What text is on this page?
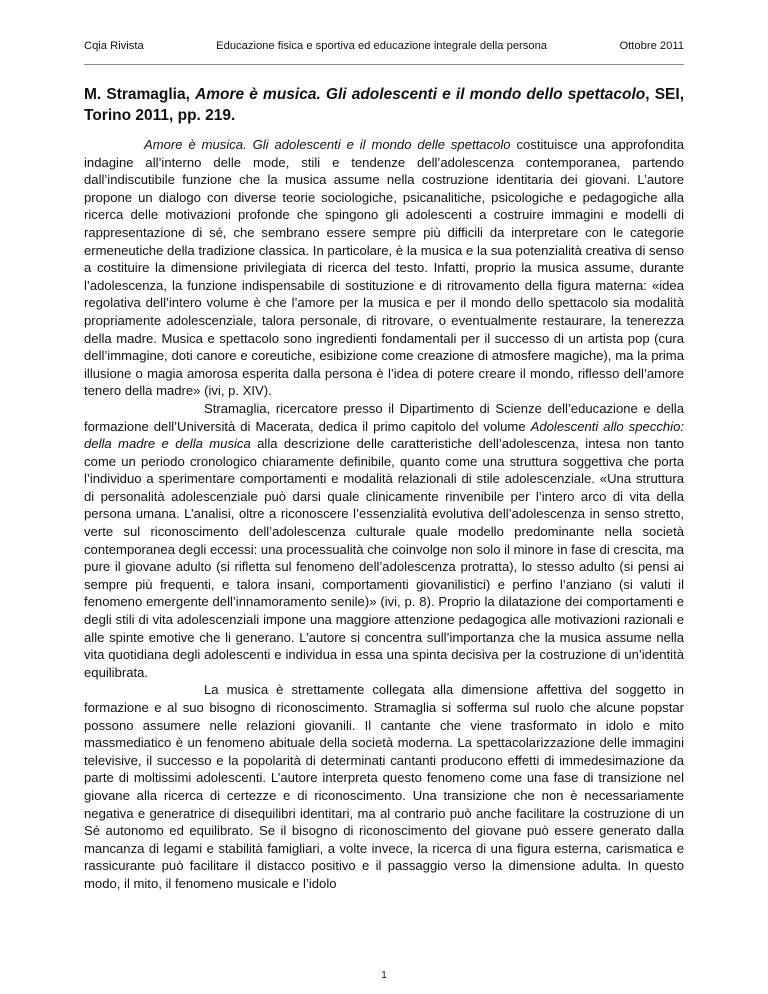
Cqia Rivista	Educazione fisica e sportiva ed educazione integrale della persona	Ottobre 2011
M. Stramaglia, Amore è musica. Gli adolescenti e il mondo dello spettacolo, SEI, Torino 2011, pp. 219.

Amore è musica. Gli adolescenti e il mondo delle spettacolo costituisce una approfondita indagine all’interno delle mode, stili e tendenze dell’adolescenza contemporanea, partendo dall’indiscutibile funzione che la musica assume nella costruzione identitaria dei giovani. L’autore propone un dialogo con diverse teorie sociologiche, psicanalitiche, psicologiche e pedagogiche alla ricerca delle motivazioni profonde che spingono gli adolescenti a costruire immagini e modelli di rappresentazione di sé, che sembrano essere sempre più difficili da interpretare con le categorie ermeneutiche della tradizione classica. In particolare, è la musica e la sua potenzialità creativa di senso a costituire la dimensione privilegiata di ricerca del testo. Infatti, proprio la musica assume, durante l’adolescenza, la funzione indispensabile di sostituzione e di ritrovamento della figura materna: «idea regolativa dell’intero volume è che l’amore per la musica e per il mondo dello spettacolo sia modalità propriamente adolescenziale, talora personale, di ritrovare, o eventualmente restaurare, la tenerezza della madre. Musica e spettacolo sono ingredienti fondamentali per il successo di un artista pop (cura dell’immagine, doti canore e coreutiche, esibizione come creazione di atmosfere magiche), ma la prima illusione o magia amorosa esperita dalla persona è l’idea di potere creare il mondo, riflesso dell’amore tenero della madre» (ivi, p. XIV).

Stramaglia, ricercatore presso il Dipartimento di Scienze dell’educazione e della formazione dell’Università di Macerata, dedica il primo capitolo del volume Adolescenti allo specchio: della madre e della musica alla descrizione delle caratteristiche dell’adolescenza, intesa non tanto come un periodo cronologico chiaramente definibile, quanto come una struttura soggettiva che porta l’individuo a sperimentare comportamenti e modalità relazionali di stile adolescenziale. «Una struttura di personalità adolescenziale può darsi quale clinicamente rinvenibile per l’intero arco di vita della persona umana. L’analisi, oltre a riconoscere l’essenzialità evolutiva dell’adolescenza in senso stretto, verte sul riconoscimento dell’adolescenza culturale quale modello predominante nella società contemporanea degli eccessi: una processualità che coinvolge non solo il minore in fase di crescita, ma pure il giovane adulto (si rifletta sul fenomeno dell’adolescenza protratta), lo stesso adulto (si pensi ai sempre più frequenti, e talora insani, comportamenti giovanilistici) e perfino l’anziano (si valuti il fenomeno emergente dell’innamoramento senile)» (ivi, p. 8). Proprio la dilatazione dei comportamenti e degli stili di vita adolescenziali impone una maggiore attenzione pedagogica alle motivazioni razionali e alle spinte emotive che li generano. L’autore si concentra sull’importanza che la musica assume nella vita quotidiana degli adolescenti e individua in essa una spinta decisiva per la costruzione di un’identità equilibrata.

La musica è strettamente collegata alla dimensione affettiva del soggetto in formazione e al suo bisogno di riconoscimento. Stramaglia si sofferma sul ruolo che alcune popstar possono assumere nelle relazioni giovanili. Il cantante che viene trasformato in idolo e mito massmediatico è un fenomeno abituale della società moderna. La spettacolarizzazione delle immagini televisive, il successo e la popolarità di determinati cantanti producono effetti di immedesimazione da parte di moltissimi adolescenti. L’autore interpreta questo fenomeno come una fase di transizione nel giovane alla ricerca di certezze e di riconoscimento. Una transizione che non è necessariamente negativa e generatrice di disequilibri identitari, ma al contrario può anche facilitare la costruzione di un Sé autonomo ed equilibrato. Se il bisogno di riconoscimento del giovane può essere generato dalla mancanza di legami e stabilità famigliari, a volte invece, la ricerca di una figura esterna, carismatica e rassicurante può facilitare il distacco positivo e il passaggio verso la dimensione adulta. In questo modo, il mito, il fenomeno musicale e l’idolo

1
